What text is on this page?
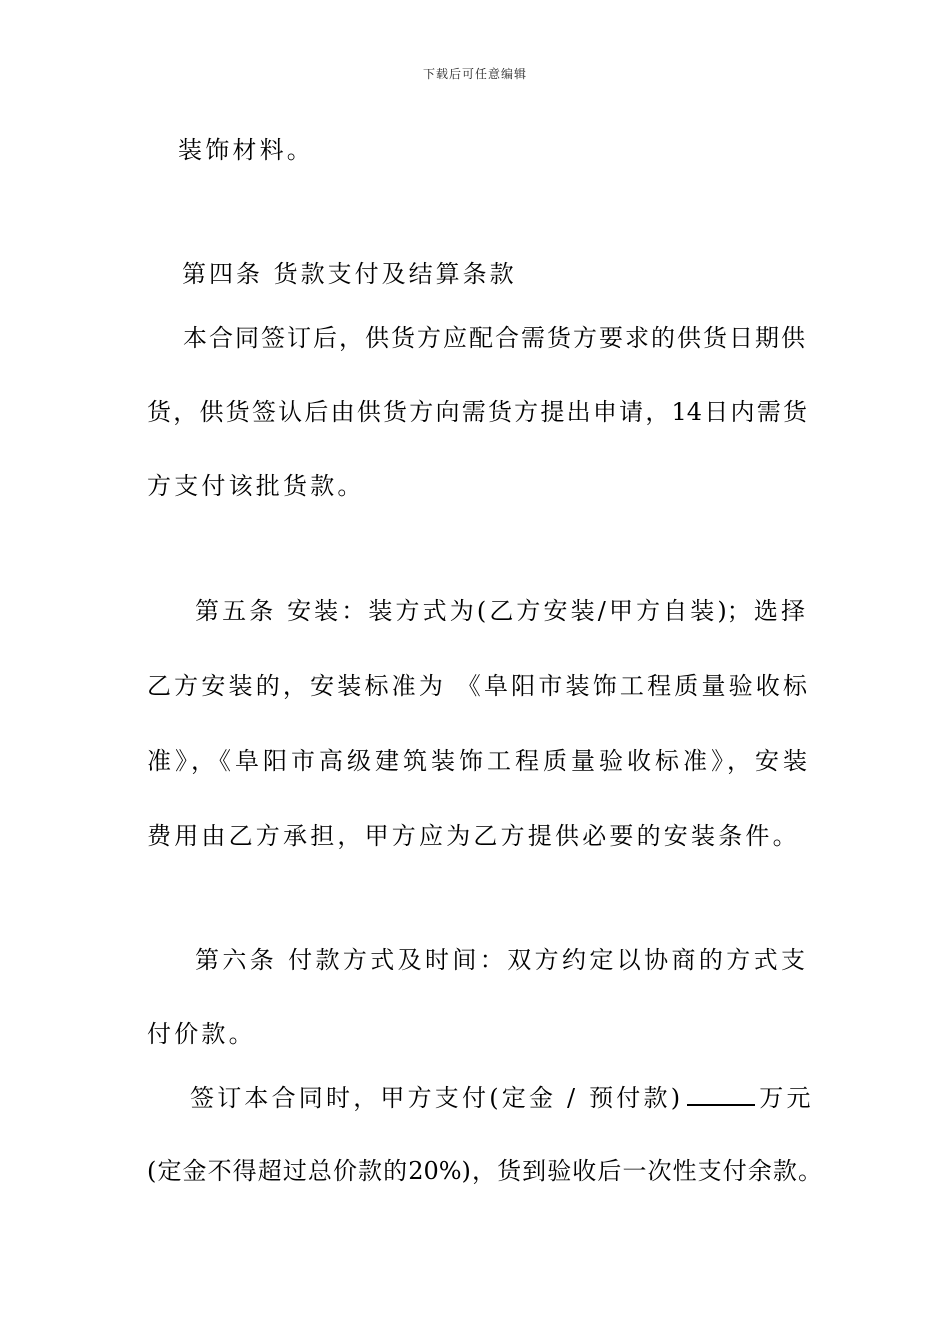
下载后可任意编辑
装饰材料。
第四条 货款支付及结算条款
本合同签订后，供货方应配合需货方要求的供货日期供
货，供货签认后由供货方向需货方提出申请，14日内需货
方支付该批货款。
第五条 安装：装方式为(乙方安装/甲方自装)；选择
乙方安装的，安装标准为 《阜阳市装饰工程质量验收标
准》，《阜阳市高级建筑装饰工程质量验收标准》，安装
费用由乙方承担，甲方应为乙方提供必要的安装条件。
第六条 付款方式及时间：双方约定以协商的方式支
付价款。
签订本合同时，甲方支付(定金 / 预付款)	万元
(定金不得超过总价款的20%)，货到验收后一次性支付余款。
